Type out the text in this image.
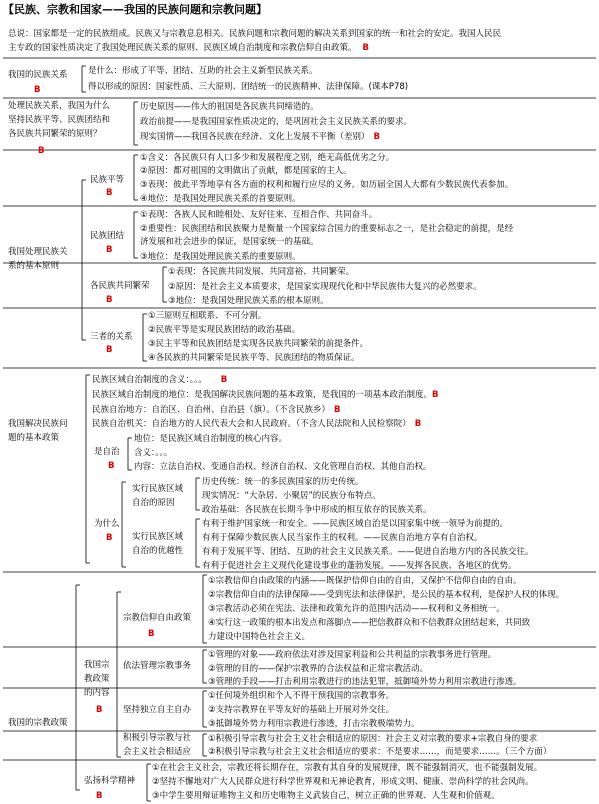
【民族、宗教和国家——我国的民族问题和宗教问题】
总说：国家都是一定的民族组成。民族又与宗教息息相关。民族问题和宗教问题的解决关系到国家的统一和社会的安定。我国人民民
主专政的国家性质决定了我国处理民族关系的原则、民族区域自治制度和宗教信仰自由政策。 B
我国的民族关系
B
是什么：形成了平等、团结、互助的社会主义新型民族关系。
得以形成的原因：国家性质、三大原则、团结统一的民族精神、法律保障。(课本P78)
处理民族关系，我国为什么
坚持民族平等、民族团结和
各民族共同繁荣的原则？
B
历史原因——伟大的祖国是各民族共同缔造的。
政治前提——是我国国家性质决定的，是巩固社会主义民族关系的要求。
现实国情——我国各民族在经济、文化上发展不平衡（差别） B
我国处理民族关
系的基本原则
民族平等
B
①含义：各民族只有人口多少和发展程度之别，绝无高低优劣之分。
②原因：都对祖国的文明做出了贡献，都是国家的主人。
③表现：彼此平等地享有各方面的权利和履行应尽的义务。如历届全国人大都有少数民族代表参加。
④地位：是我国处理民族关系的首要原则。
民族团结
B
①表现：各族人民和睦相处、友好往来、互相合作、共同奋斗。
②重要性：民族团结和民族聚力是衡量一个国家综合国力的重要标志之一，是社会稳定的前提，是经
济发展和社会进步的保证，是国家统一的基础。
③地位：是我国处理民族关系的重要原则。
各民族共同繁荣
B
①表现：各民族共同发展、共同富裕、共同繁荣。
②原因：是社会主义本质要求，是国家实现现代化和中华民族伟大复兴的必然要求。
③地位：是我国处理民族关系的根本原则。
三者的关系
B
①三原则互相联系、不可分割。
②民族平等是实现民族团结的政治基础。
③民主平等和民族团结是实现各民族共同繁荣的前提条件。
④各民族的共同繁荣是民族平等、民族团结的物质保证。
我国解决民族问
题的基本政策
民族区域自治制度的含义：。。。 B
民族区域自治制度的地位：是我国解决民族问题的基本政策，是我国的一项基本政治制度。B
民族自治地方：自治区、自治州、自治县（旗）。（不含民族乡） B
民族自治机关：自治地方的人民代表大会和人民政府。（不含人民法院和人民检察院） B
是自治
B
地位：是民族区域自治制度的核心内容。
含义：。。。
内容：立法自治权、变通自治权、经济自治权、文化管理自治权、其他自治权。
为什么
B
实行民族区域
自治的原因
历史传统：统一的多民族国家的历史传统。
现实情况：“大杂居、小聚居”的民族分布特点。
政治基础：各民族在长期斗争中形成的相互依存的民族关系。
实行民族区域
自治的优越性
有利于维护国家统一和安全。——民族区域自治是以国家集中统一领导为前提的。
有利于保障少数民族人民当家作主的权利。——民族自治地方享有自治权。
有利于发展平等、团结、互助的社会主义民族关系。——促进自治地方内的各民族交往。
有利于促进社会主义现代化建设事业的蓬勃发展。——发挥各民族、各地区的优势。
我国的宗教政策
我国宗
教政策
的内容
B
宗教信仰自由政策
B
①宗教信仰自由政策的内涵——既保护信仰自由的自由，又保护不信仰自由的自由。
②宗教信仰自由的法律保障——受到宪法和法律保护，是公民的基本权利，是保护人权的体现。
③宗教活动必须在宪法、法律和政策允许的范围内活动——权利和义务相统一。
④实行这一政策的根本出发点和落脚点——把信教群众和不信教群众团结起来，共同致
力建设中国特色社会主义。
依法管理宗教事务
①管理的对象——政府依法对涉及国家利益和公共利益的宗教事务进行管理。
②管理的目的——保护宗教界的合法权益和正常宗教活动。
③管理的手段——打击利用宗教进行的违法犯罪，抵御境外势力利用宗教进行渗透。
坚持独立自主自办
①任何境外组织和个人不得干预我国的宗教事务。
②支持宗教界在平等友好的基础上开展对外交往。
③抵御境外势力利用宗教进行渗透，打击宗教极端势力。
积极引导宗教与社
会主义社会相适应
①积极引导宗教与社会主义社会相适应的原因：社会主义对宗教的要求+宗教自身的要求
②积极引导宗教与社会主义社会相适应的要求：不是要求……，而是要求……。（三个方面）
弘扬科学精神
B
①在社会主义社会，宗教还将长期存在，宗教有其自身的发展规律，既不能强制消灭，也不能强制发展。
②坚持不懈地对广大人民群众进行科学世界观和无神论教育，形成文明、健康、崇尚科学的社会风尚。
③中学生要用辩证唯物主义和历史唯物主义武装自己，树立正确的世界观、人生观和价值观。
